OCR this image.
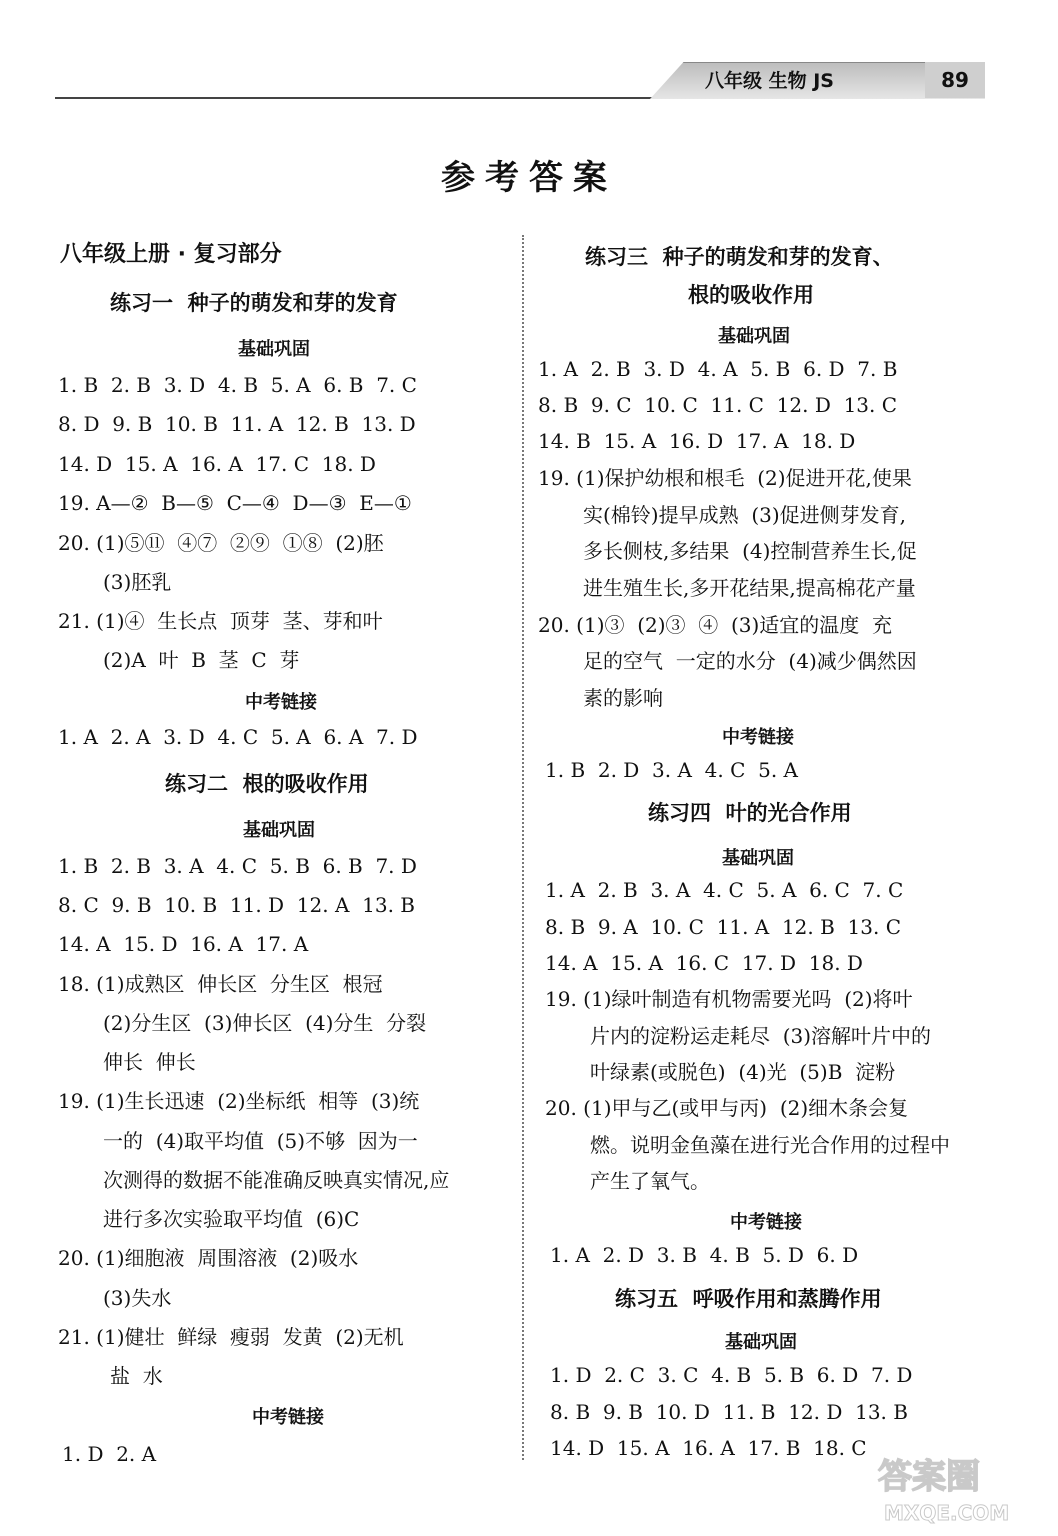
八年级 生物 JS	89
参考答案
八年级上册 · 复习部分
练习一  种子的萌发和芽的发育
基础巩固
1. B  2. B  3. D  4. B  5. A  6. B  7. C
8. D  9. B  10. B  11. A  12. B  13. D
14. D  15. A  16. A  17. C  18. D
19. A—②  B—⑤  C—④  D—③  E—①
20. (1)⑤⑪  ④⑦  ②⑨  ①⑧  (2)胚
(3)胚乳
21. (1)④  生长点  顶芽  茎、芽和叶
(2)A  叶  B  茎  C  芽
中考链接
1. A  2. A  3. D  4. C  5. A  6. A  7. D
练习二  根的吸收作用
基础巩固
1. B  2. B  3. A  4. C  5. B  6. B  7. D
8. C  9. B  10. B  11. D  12. A  13. B
14. A  15. D  16. A  17. A
18. (1)成熟区  伸长区  分生区  根冠
(2)分生区  (3)伸长区  (4)分生  分裂
伸长  伸长
19. (1)生长迅速  (2)坐标纸  相等  (3)统
一的  (4)取平均值  (5)不够  因为一
次测得的数据不能准确反映真实情况,应
进行多次实验取平均值  (6)C
20. (1)细胞液  周围溶液  (2)吸水
(3)失水
21. (1)健壮  鲜绿  瘦弱  发黄  (2)无机
盐  水
中考链接
1. D  2. A
练习三  种子的萌发和芽的发育、
根的吸收作用
基础巩固
1. A  2. B  3. D  4. A  5. B  6. D  7. B
8. B  9. C  10. C  11. C  12. D  13. C
14. B  15. A  16. D  17. A  18. D
19. (1)保护幼根和根毛  (2)促进开花,使果
实(棉铃)提早成熟  (3)促进侧芽发育,
多长侧枝,多结果  (4)控制营养生长,促
进生殖生长,多开花结果,提高棉花产量
20. (1)③  (2)③  ④  (3)适宜的温度  充
足的空气  一定的水分  (4)减少偶然因
素的影响
中考链接
1. B  2. D  3. A  4. C  5. A
练习四  叶的光合作用
基础巩固
1. A  2. B  3. A  4. C  5. A  6. C  7. C
8. B  9. A  10. C  11. A  12. B  13. C
14. A  15. A  16. C  17. D  18. D
19. (1)绿叶制造有机物需要光吗  (2)将叶
片内的淀粉运走耗尽  (3)溶解叶片中的
叶绿素(或脱色)  (4)光  (5)B  淀粉
20. (1)甲与乙(或甲与丙)  (2)细木条会复
燃。说明金鱼藻在进行光合作用的过程中
产生了氧气。
中考链接
1. A  2. D  3. B  4. B  5. D  6. D
练习五  呼吸作用和蒸腾作用
基础巩固
1. D  2. C  3. C  4. B  5. B  6. D  7. D
8. B  9. B  10. D  11. B  12. D  13. B
14. D  15. A  16. A  17. B  18. C
答案圈
MXQE.COM
